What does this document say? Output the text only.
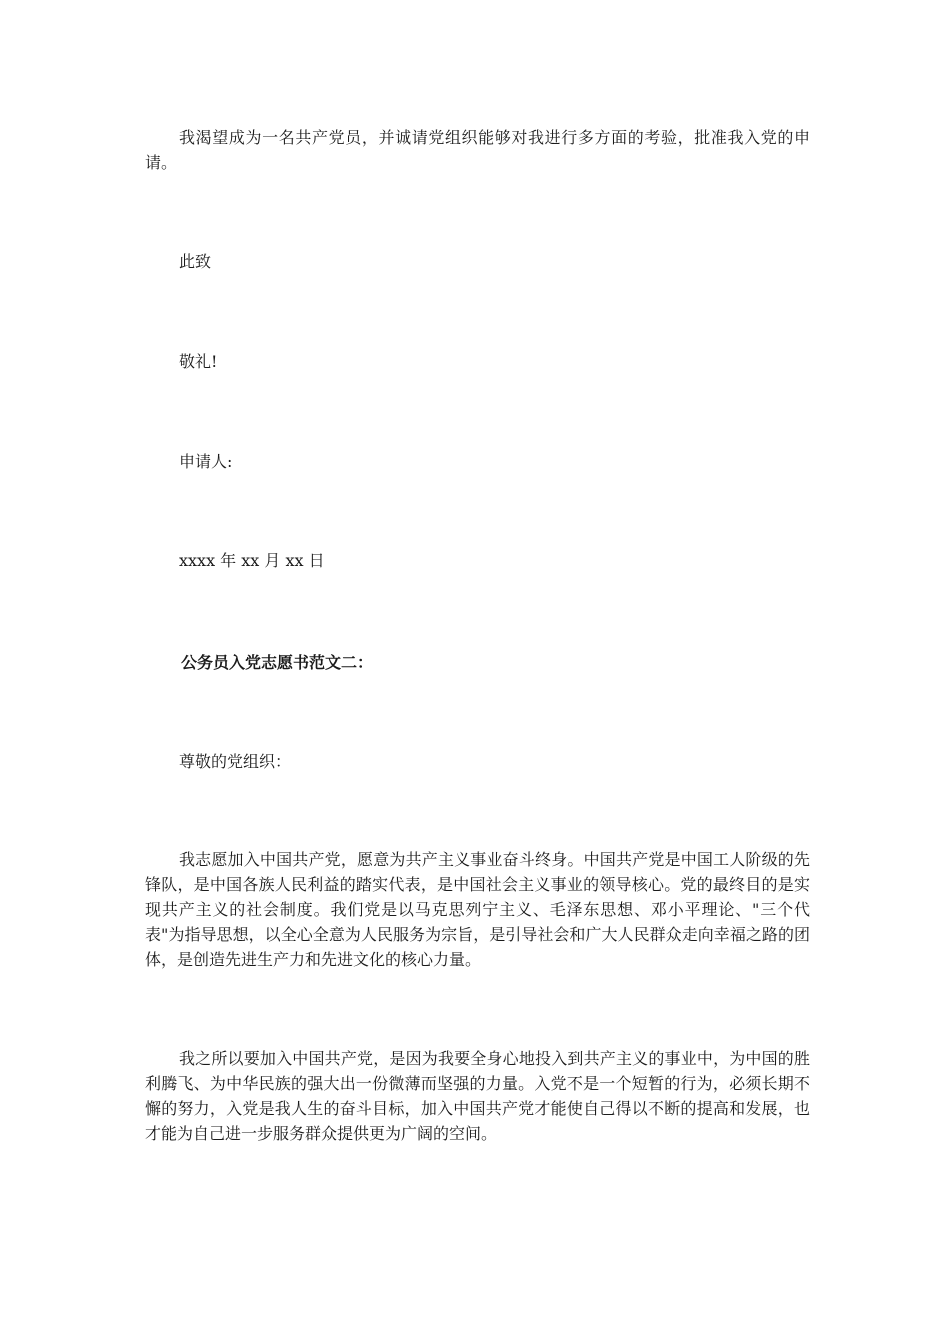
我渴望成为一名共产党员，并诚请党组织能够对我进行多方面的考验，批准我入党的申请。

此致

敬礼!

申请人:

xxxx 年 xx 月 xx 日

公务员入党志愿书范文二：

尊敬的党组织：

我志愿加入中国共产党，愿意为共产主义事业奋斗终身。中国共产党是中国工人阶级的先锋队，是中国各族人民利益的踏实代表，是中国社会主义事业的领导核心。党的最终目的是实现共产主义的社会制度。我们党是以马克思列宁主义、毛泽东思想、邓小平理论、"三个代表"为指导思想，以全心全意为人民服务为宗旨，是引导社会和广大人民群众走向幸福之路的团体，是创造先进生产力和先进文化的核心力量。

我之所以要加入中国共产党，是因为我要全身心地投入到共产主义的事业中，为中国的胜利腾飞、为中华民族的强大出一份微薄而坚强的力量。入党不是一个短暂的行为，必须长期不懈的努力，入党是我人生的奋斗目标，加入中国共产党才能使自己得以不断的提高和发展，也才能为自己进一步服务群众提供更为广阔的空间。
